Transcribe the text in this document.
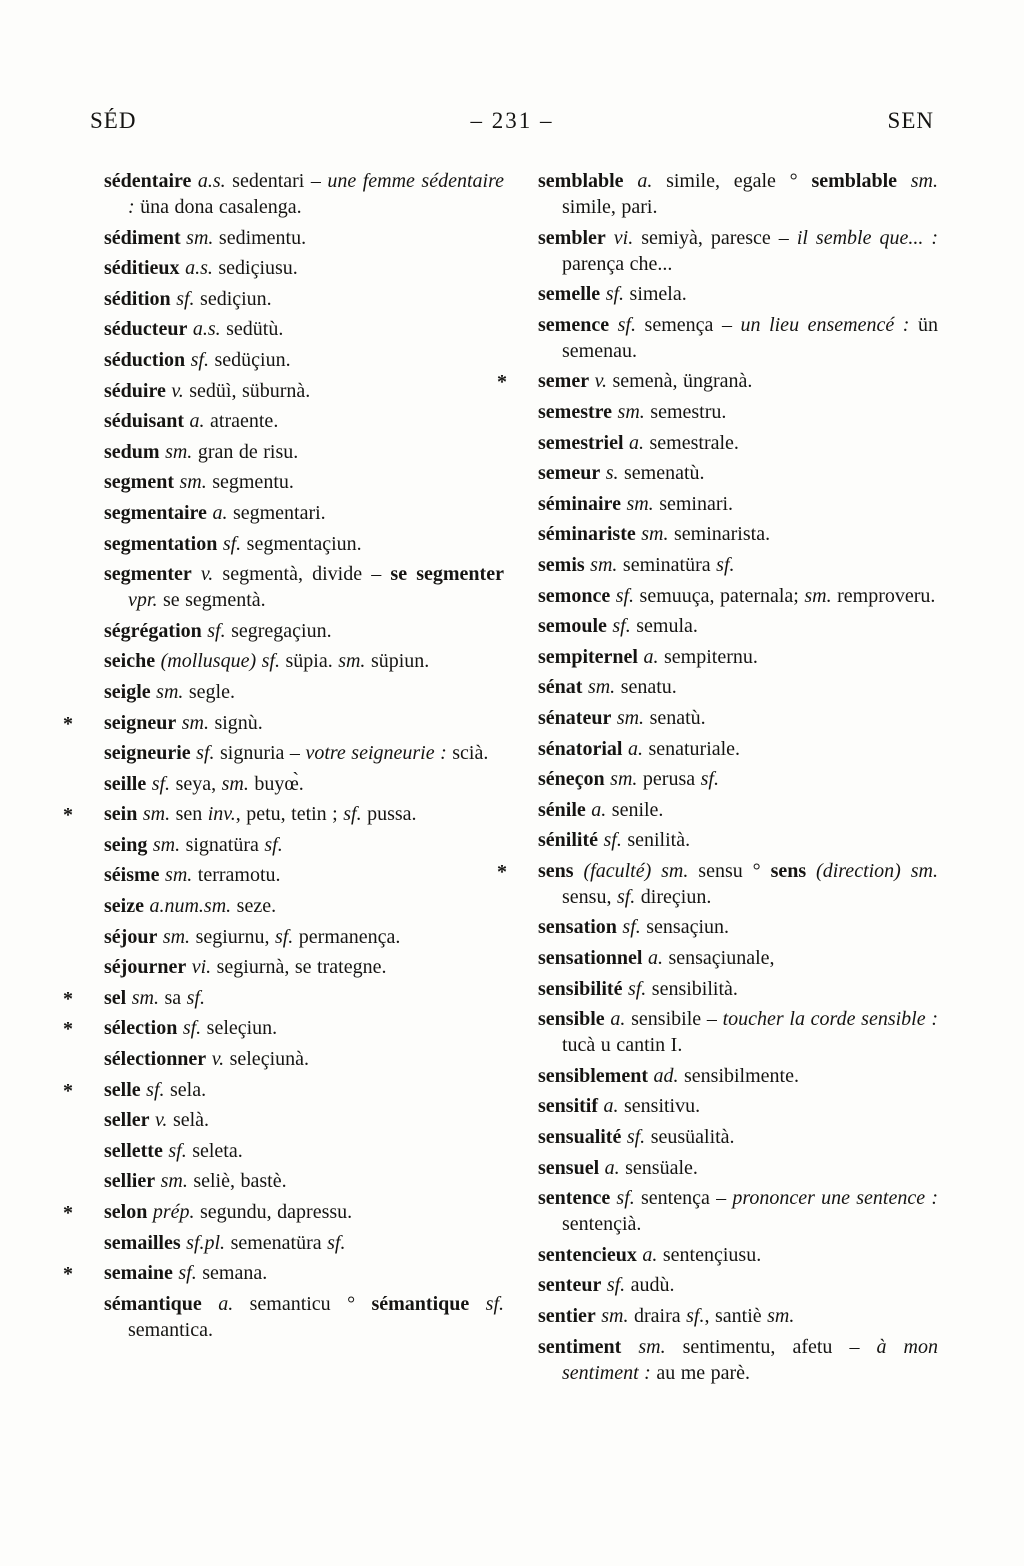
SÉD	– 231 –	SEN
sédentaire a.s. sedentari – une femme sédentaire : üna dona casalenga.
sédiment sm. sedimentu.
séditieux a.s. sediçiusu.
sédition sf. sediçiun.
séducteur a.s. sedütù.
séduction sf. sedüçiun.
séduire v. sedüì, süburnà.
séduisant a. atraente.
sedum sm. gran de risu.
segment sm. segmentu.
segmentaire a. segmentari.
segmentation sf. segmentaçiun.
segmenter v. segmentà, divide – se segmenter vpr. se segmentà.
ségrégation sf. segregaçiun.
seiche (mollusque) sf. süpia. sm. süpiun.
seigle sm. segle.
*	seigneur sm. signù.
seigneurie sf. signuria – votre seigneurie : scià.
seille sf. seya, sm. buyœ̀.
*	sein sm. sen inv., petu, tetin ; sf. pussa.
seing sm. signatüra sf.
séisme sm. terramotu.
seize a.num.sm. seze.
séjour sm. segiurnu, sf. permanença.
séjourner vi. segiurnà, se trategne.
*	sel sm. sa sf.
*	sélection sf. seleçiun.
sélectionner v. seleçiunà.
*	selle sf. sela.
seller v. selà.
sellette sf. seleta.
sellier sm. seliè, bastè.
*	selon prép. segundu, dapressu.
semailles sf.pl. semenatüra sf.
*	semaine sf. semana.
sémantique a. semanticu ° sémantique sf. semantica.
semblable a. simile, egale ° semblable sm. simile, pari.
sembler vi. semiyà, paresce – il semble que... : parença che...
semelle sf. simela.
semence sf. semença – un lieu ensemencé : ün semenau.
*	semer v. semenà, üngranà.
semestre sm. semestru.
semestriel a. semestrale.
semeur s. semenatù.
séminaire sm. seminari.
séminariste sm. seminarista.
semis sm. seminatüra sf.
semonce sf. semuuça, paternala; sm. remproveru.
semoule sf. semula.
sempiternel a. sempiternu.
sénat sm. senatu.
sénateur sm. senatù.
sénatorial a. senaturiale.
séneçon sm. perusa sf.
sénile a. senile.
sénilité sf. senilità.
*	sens (faculté) sm. sensu ° sens (direction) sm. sensu, sf. direçiun.
sensation sf. sensaçiun.
sensationnel a. sensaçiunale,
sensibilité sf. sensibilità.
sensible a. sensibile – toucher la corde sensible : tucà u cantin I.
sensiblement ad. sensibilmente.
sensitif a. sensitivu.
sensualité sf. seusüalità.
sensuel a. sensüale.
sentence sf. sentença – prononcer une sentence : sentençià.
sentencieux a. sentençiusu.
senteur sf. audù.
sentier sm. draira sf., santiè sm.
sentiment sm. sentimentu, afetu – à mon sentiment : au me parè.
